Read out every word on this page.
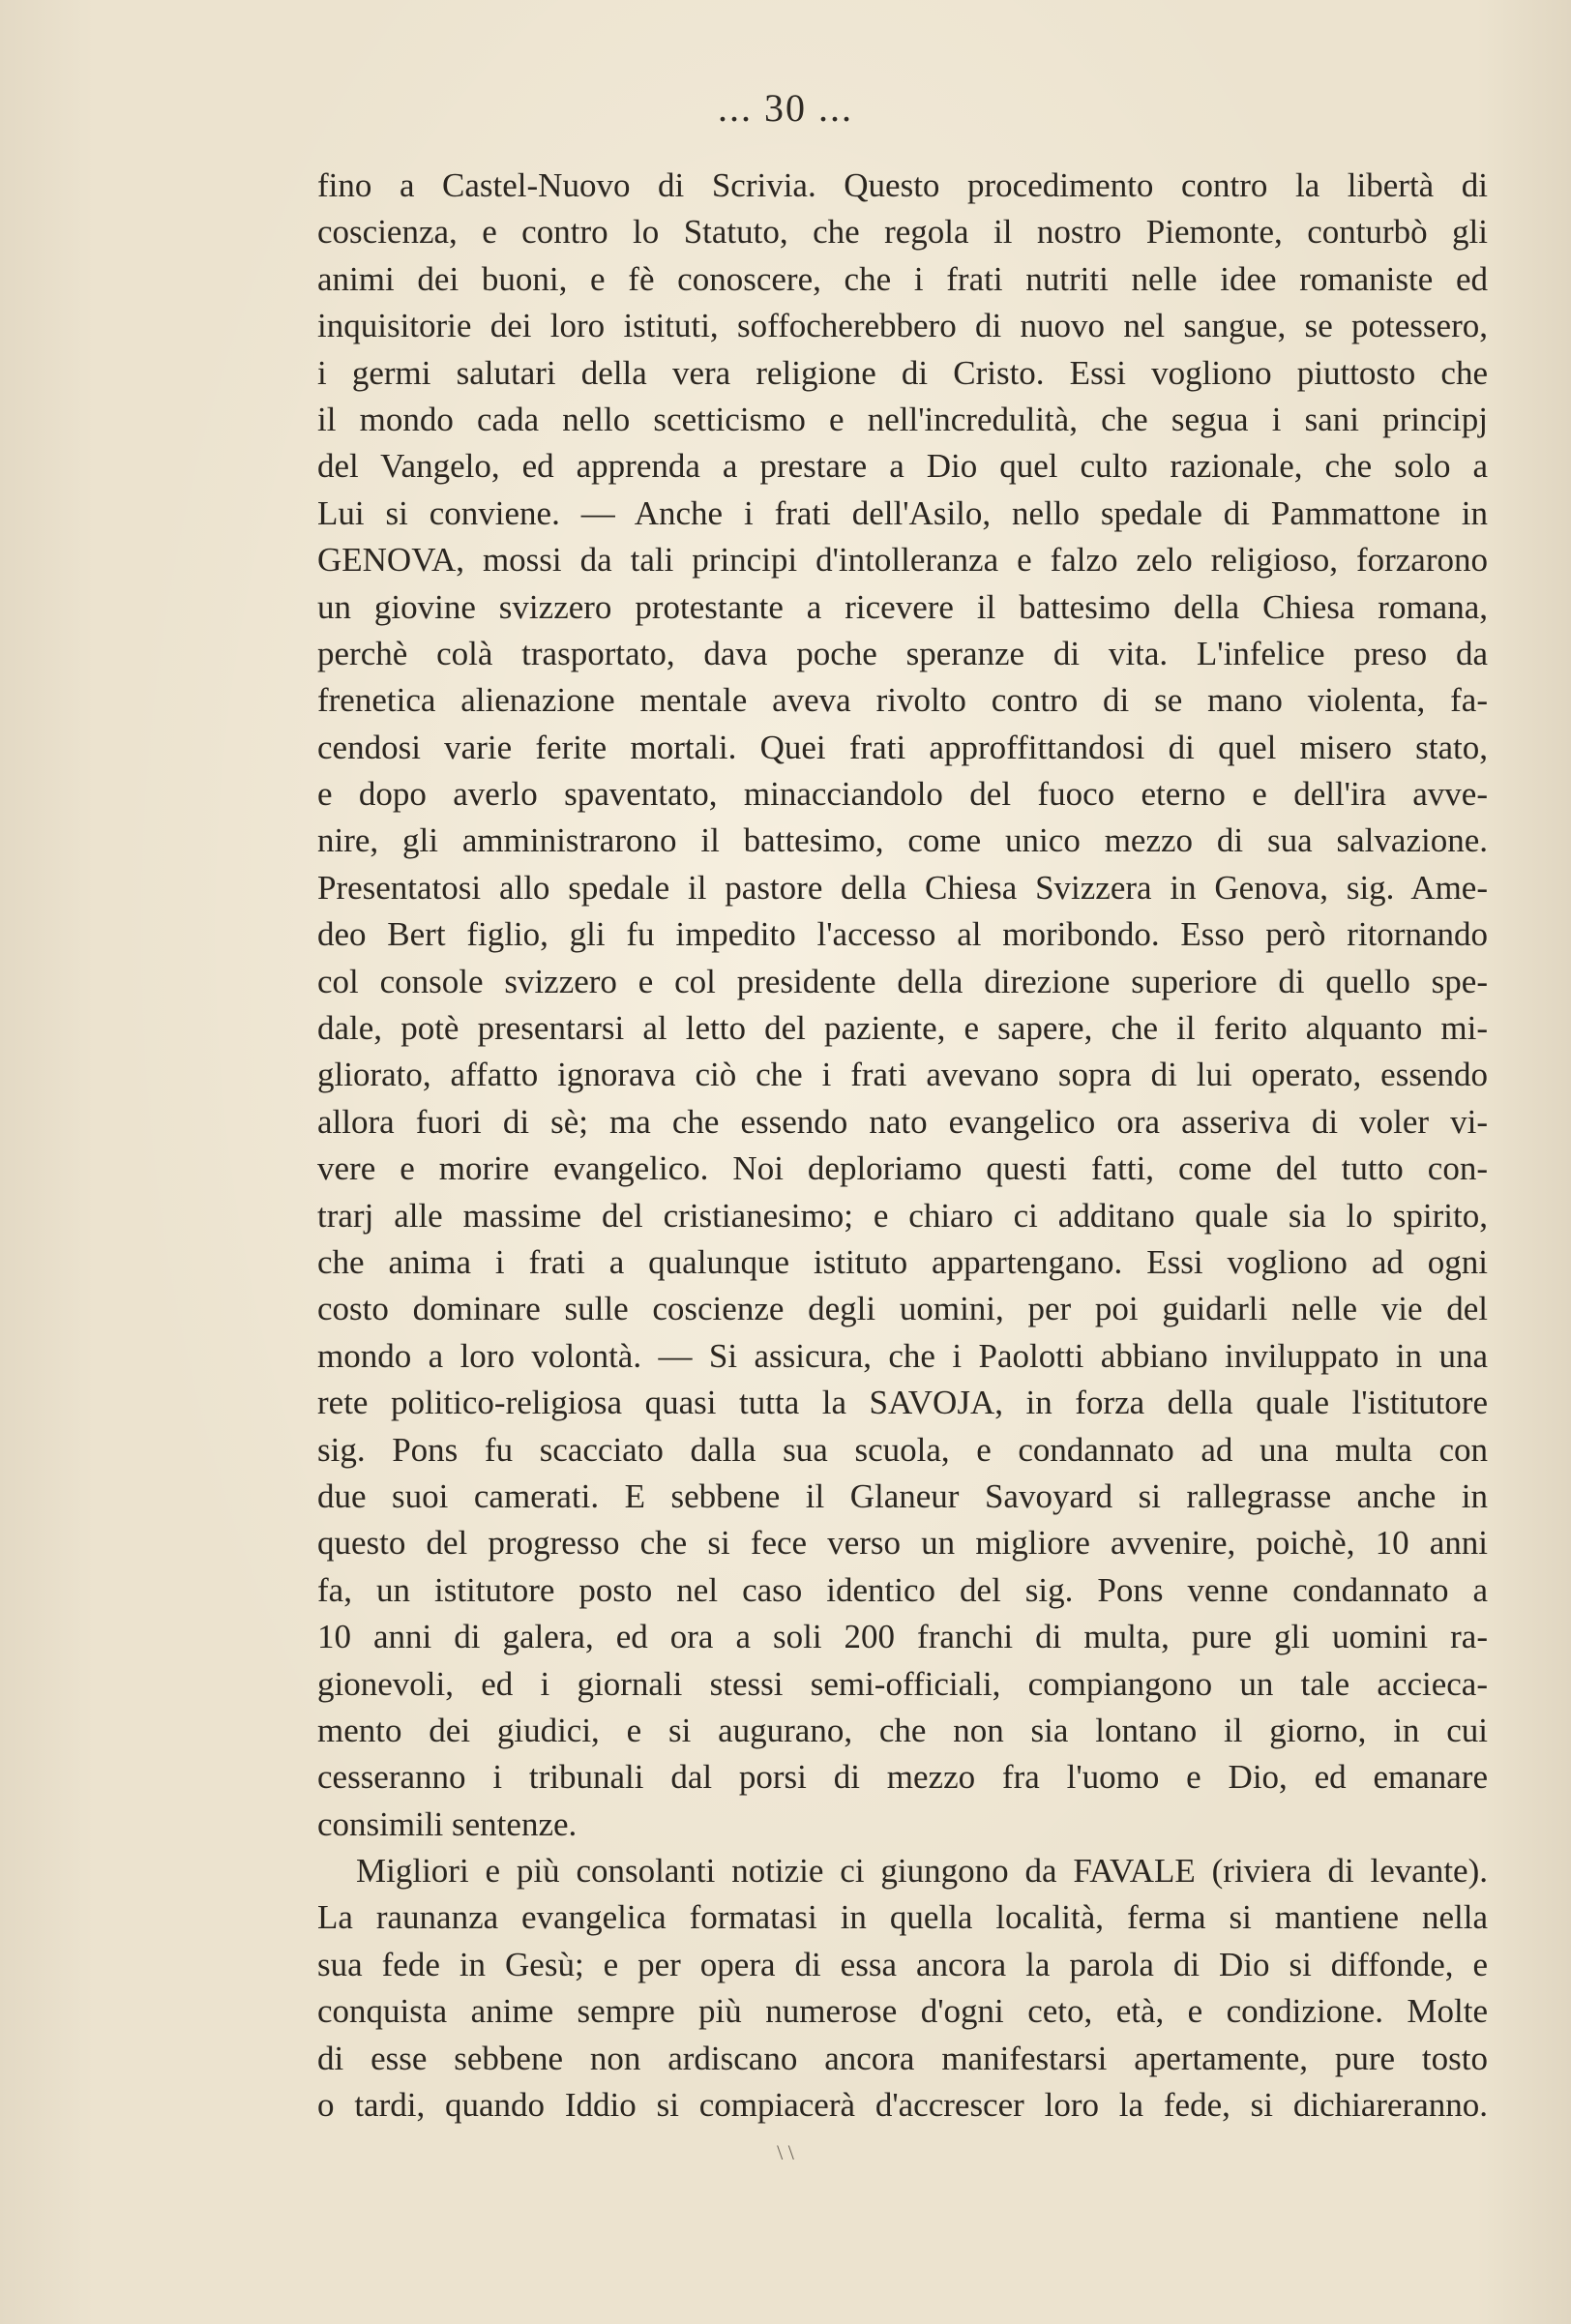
... 30 ...
fino a Castel-Nuovo di Scrivia. Questo procedimento contro la libertà di
coscienza, e contro lo Statuto, che regola il nostro Piemonte, conturbò gli
animi dei buoni, e fè conoscere, che i frati nutriti nelle idee romaniste ed
inquisitorie dei loro istituti, soffocherebbero di nuovo nel sangue, se potessero,
i germi salutari della vera religione di Cristo. Essi vogliono piuttosto che
il mondo cada nello scetticismo e nell'incredulità, che segua i sani principj
del Vangelo, ed apprenda a prestare a Dio quel culto razionale, che solo a
Lui si conviene. — Anche i frati dell'Asilo, nello spedale di Pammattone in
GENOVA, mossi da tali principi d'intolleranza e falzo zelo religioso, forzarono
un giovine svizzero protestante a ricevere il battesimo della Chiesa romana,
perchè colà trasportato, dava poche speranze di vita. L'infelice preso da
frenetica alienazione mentale aveva rivolto contro di se mano violenta, fa-
cendosi varie ferite mortali. Quei frati approffittandosi di quel misero stato,
e dopo averlo spaventato, minacciandolo del fuoco eterno e dell'ira avve-
nire, gli amministrarono il battesimo, come unico mezzo di sua salvazione.
Presentatosi allo spedale il pastore della Chiesa Svizzera in Genova, sig. Ame-
deo Bert figlio, gli fu impedito l'accesso al moribondo. Esso però ritornando
col console svizzero e col presidente della direzione superiore di quello spe-
dale, potè presentarsi al letto del paziente, e sapere, che il ferito alquanto mi-
gliorato, affatto ignorava ciò che i frati avevano sopra di lui operato, essendo
allora fuori di sè; ma che essendo nato evangelico ora asseriva di voler vi-
vere e morire evangelico. Noi deploriamo questi fatti, come del tutto con-
trarj alle massime del cristianesimo; e chiaro ci additano quale sia lo spirito,
che anima i frati a qualunque istituto appartengano. Essi vogliono ad ogni
costo dominare sulle coscienze degli uomini, per poi guidarli nelle vie del
mondo a loro volontà. — Si assicura, che i Paolotti abbiano inviluppato in una
rete politico-religiosa quasi tutta la SAVOJA, in forza della quale l'istitutore
sig. Pons fu scacciato dalla sua scuola, e condannato ad una multa con
due suoi camerati. E sebbene il Glaneur Savoyard si rallegrasse anche in
questo del progresso che si fece verso un migliore avvenire, poichè, 10 anni
fa, un istitutore posto nel caso identico del sig. Pons venne condannato a
10 anni di galera, ed ora a soli 200 franchi di multa, pure gli uomini ra-
gionevoli, ed i giornali stessi semi-officiali, compiangono un tale accieca-
mento dei giudici, e si augurano, che non sia lontano il giorno, in cui
cesseranno i tribunali dal porsi di mezzo fra l'uomo e Dio, ed emanare
consimili sentenze.
Migliori e più consolanti notizie ci giungono da FAVALE (riviera di levante).
La raunanza evangelica formatasi in quella località, ferma si mantiene nella
sua fede in Gesù; e per opera di essa ancora la parola di Dio si diffonde, e
conquista anime sempre più numerose d'ogni ceto, età, e condizione. Molte
di esse sebbene non ardiscano ancora manifestarsi apertamente, pure tosto
o tardi, quando Iddio si compiacerà d'accrescer loro la fede, si dichiareranno.
\ \
